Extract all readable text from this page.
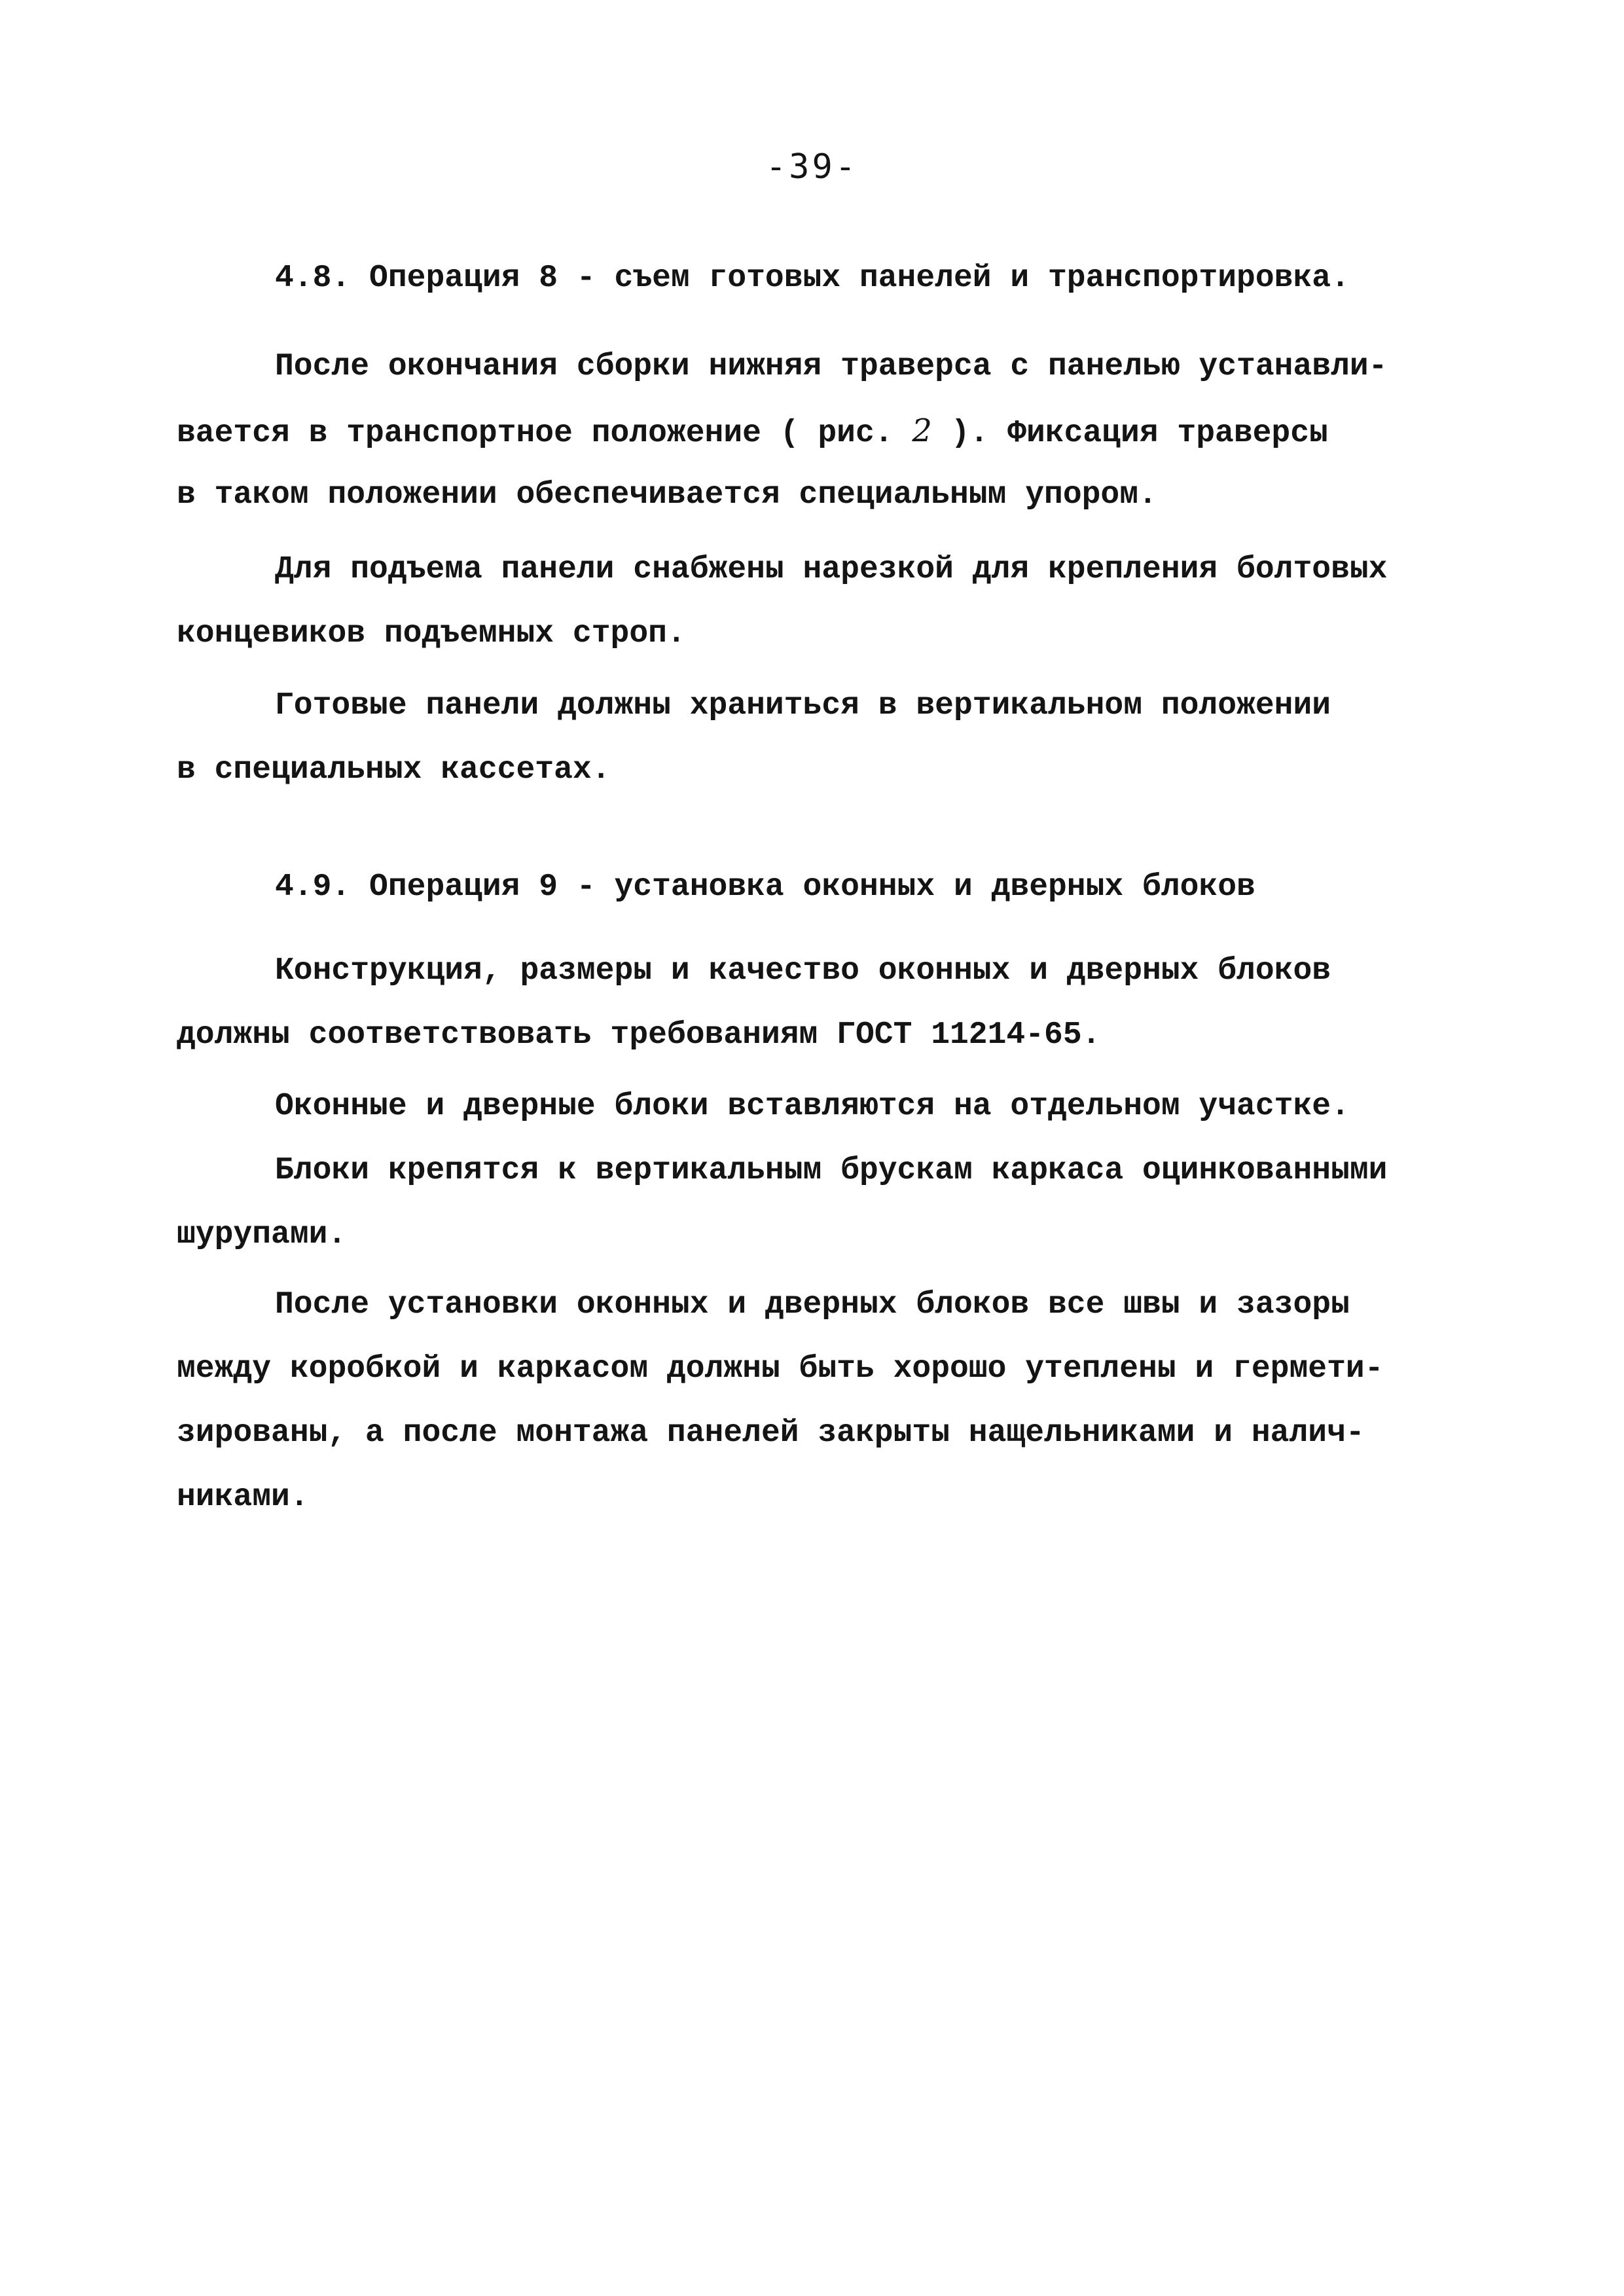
-39-
4.8. Операция 8 - съем готовых панелей и транспортировка.
После окончания сборки нижняя траверса с панелью устанавли-
вается в транспортное положение ( рис. 2 ). Фиксация траверсы
в таком положении обеспечивается специальным упором.
Для подъема панели снабжены нарезкой для крепления болтовых
концевиков подъемных строп.
Готовые панели должны храниться в вертикальном положении
в специальных кассетах.
4.9. Операция 9 - установка оконных и дверных блоков
Конструкция, размеры и качество оконных и дверных блоков
должны соответствовать требованиям ГОСТ 11214-65.
Оконные и дверные блоки вставляются на отдельном участке.
Блоки крепятся к вертикальным брускам каркаса оцинкованными
шурупами.
После установки оконных и дверных блоков все швы и зазоры
между коробкой и каркасом должны быть хорошо утеплены и гермети-
зированы, а после монтажа панелей закрыты нащельниками и налич-
никами.
